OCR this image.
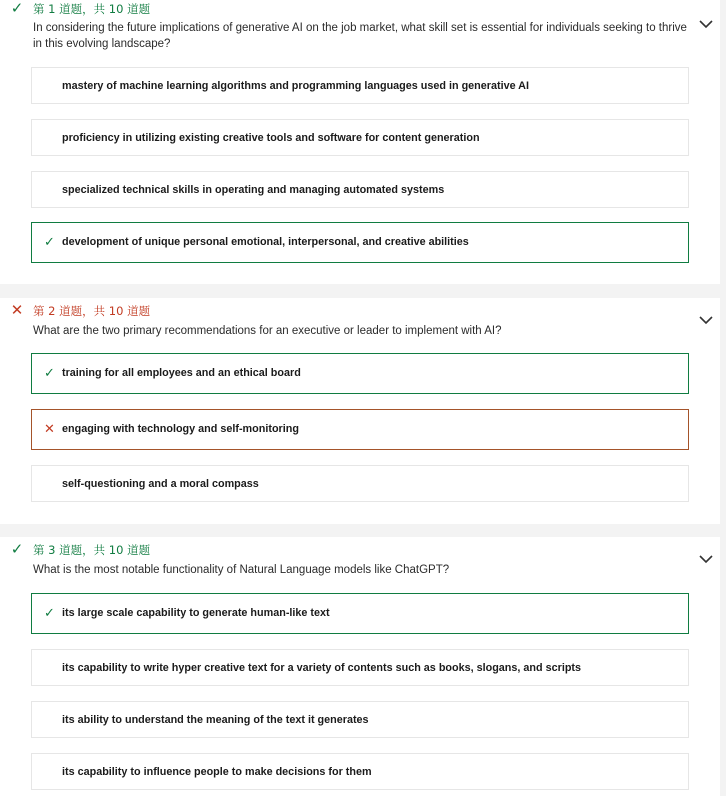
✓ 第 1 道题，共 10 道题
In considering the future implications of generative AI on the job market, what skill set is essential for individuals seeking to thrive in this evolving landscape?
mastery of machine learning algorithms and programming languages used in generative AI
proficiency in utilizing existing creative tools and software for content generation
specialized technical skills in operating and managing automated systems
✓ development of unique personal emotional, interpersonal, and creative abilities
✕ 第 2 道题，共 10 道题
What are the two primary recommendations for an executive or leader to implement with AI?
✓ training for all employees and an ethical board
✕ engaging with technology and self-monitoring
self-questioning and a moral compass
✓ 第 3 道题，共 10 道题
What is the most notable functionality of Natural Language models like ChatGPT?
✓ its large scale capability to generate human-like text
its capability to write hyper creative text for a variety of contents such as books, slogans, and scripts
its ability to understand the meaning of the text it generates
its capability to influence people to make decisions for them
